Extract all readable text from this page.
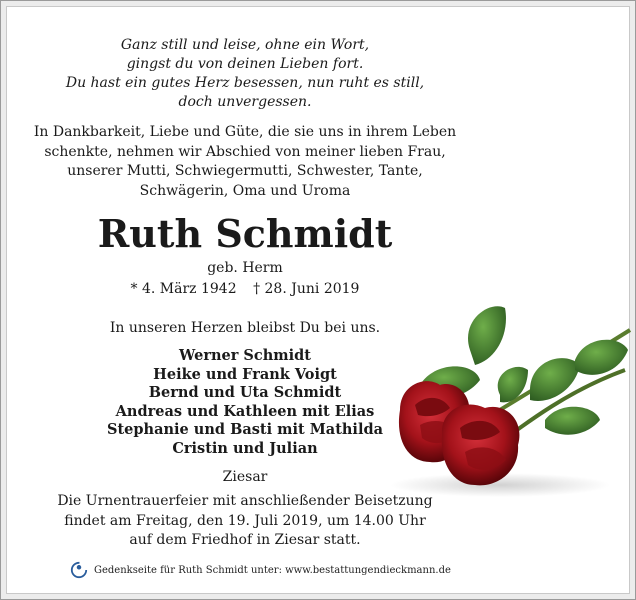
Ganz still und leise, ohne ein Wort,

gingst du von deinen Lieben fort.

Du hast ein gutes Herz besessen, nun ruht es still,

doch unvergessen.

In Dankbarkeit, Liebe und Güte, die sie uns in ihrem Leben

schenkte, nehmen wir Abschied von meiner lieben Frau,

unserer Mutti, Schwiegermutti, Schwester, Tante,

Schwägerin, Oma und Uroma

Ruth Schmidt
geb. Herm
* 4. März 1942 † 28. Juni 2019
In unseren Herzen bleibst Du bei uns.

Werner Schmidt

Heike und Frank Voigt

Bernd und Uta Schmidt

Andreas und Kathleen mit Elias

Stephanie und Basti mit Mathilda

Cristin und Julian

Ziesar

Die Urnentrauerfeier mit anschließender Beisetzung

findet am Freitag, den 19. Juli 2019, um 14.00 Uhr

auf dem Friedhof in Ziesar statt.

Gedenkseite für Ruth Schmidt unter: www.bestattungendieckmann.de
